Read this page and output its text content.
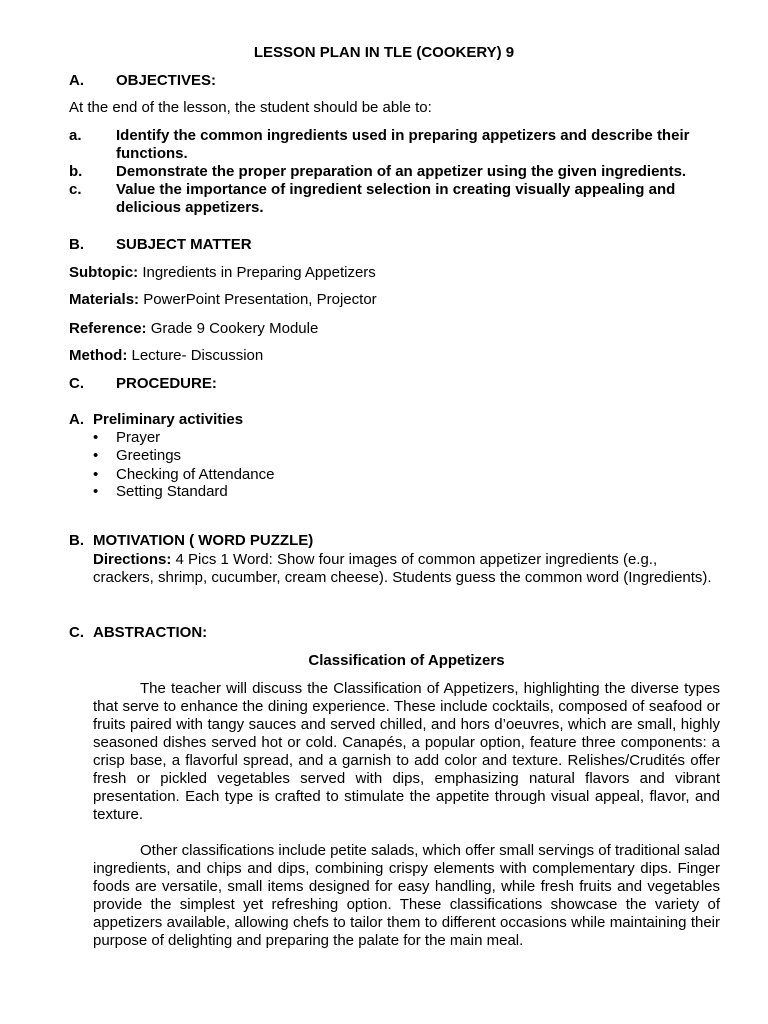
LESSON PLAN IN TLE (COOKERY) 9
A. OBJECTIVES:
At the end of the lesson, the student should be able to:
a. Identify the common ingredients used in preparing appetizers and describe their functions.
b. Demonstrate the proper preparation of an appetizer using the given ingredients.
c. Value the importance of ingredient selection in creating visually appealing and delicious appetizers.
B. SUBJECT MATTER
Subtopic: Ingredients in Preparing Appetizers
Materials: PowerPoint Presentation, Projector
Reference: Grade 9 Cookery Module
Method: Lecture- Discussion
C. PROCEDURE:
A. Preliminary activities
• Prayer
• Greetings
• Checking of Attendance
• Setting Standard
B. MOTIVATION ( WORD PUZZLE)
Directions: 4 Pics 1 Word: Show four images of common appetizer ingredients (e.g., crackers, shrimp, cucumber, cream cheese). Students guess the common word (Ingredients).
C. ABSTRACTION:
Classification of Appetizers
The teacher will discuss the Classification of Appetizers, highlighting the diverse types that serve to enhance the dining experience. These include cocktails, composed of seafood or fruits paired with tangy sauces and served chilled, and hors d’oeuvres, which are small, highly seasoned dishes served hot or cold. Canapés, a popular option, feature three components: a crisp base, a flavorful spread, and a garnish to add color and texture. Relishes/Crudités offer fresh or pickled vegetables served with dips, emphasizing natural flavors and vibrant presentation. Each type is crafted to stimulate the appetite through visual appeal, flavor, and texture.
Other classifications include petite salads, which offer small servings of traditional salad ingredients, and chips and dips, combining crispy elements with complementary dips. Finger foods are versatile, small items designed for easy handling, while fresh fruits and vegetables provide the simplest yet refreshing option. These classifications showcase the variety of appetizers available, allowing chefs to tailor them to different occasions while maintaining their purpose of delighting and preparing the palate for the main meal.
